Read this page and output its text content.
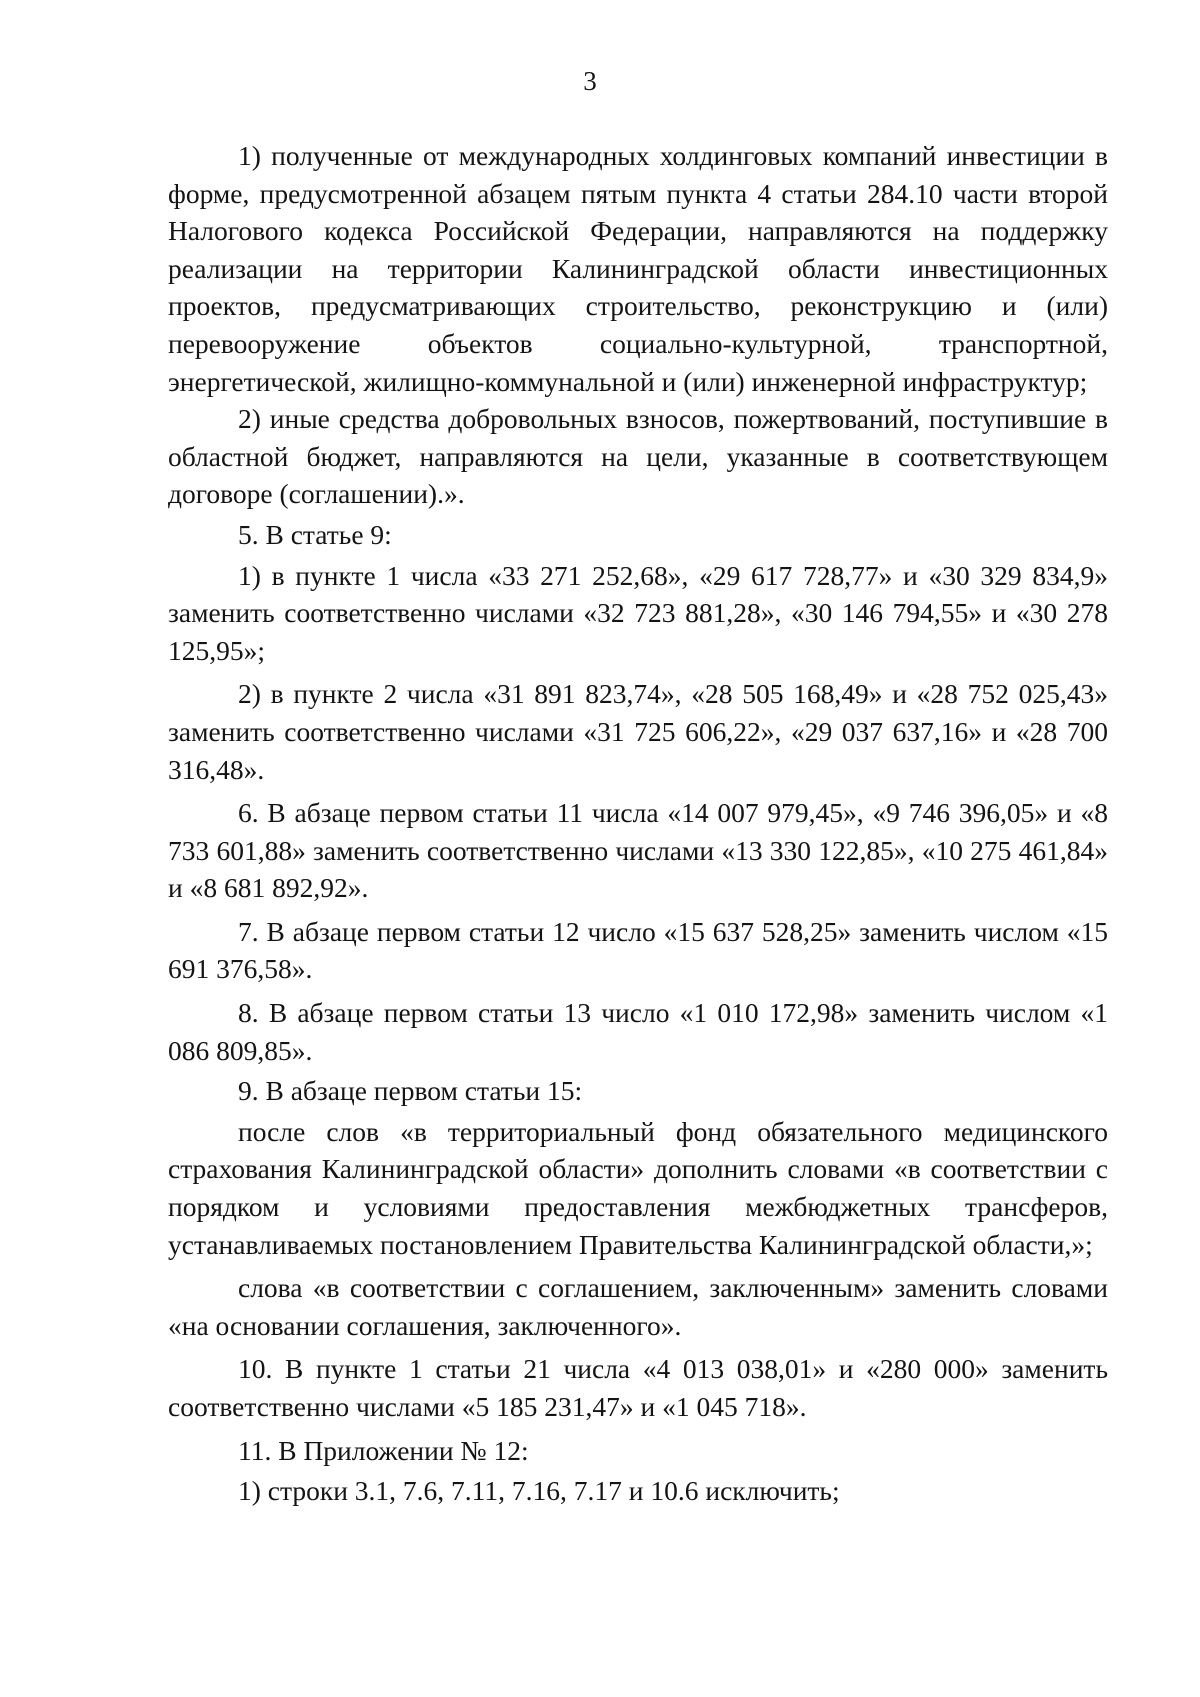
3

1) полученные от международных холдинговых компаний инвестиции в форме, предусмотренной абзацем пятым пункта 4 статьи 284.10 части второй Налогового кодекса Российской Федерации, направляются на поддержку реализации на территории Калининградской области инвестиционных проектов, предусматривающих строительство, реконструкцию и (или) перевооружение объектов социально-культурной, транспортной, энергетической, жилищно-коммунальной и (или) инженерной инфраструктур;

2) иные средства добровольных взносов, пожертвований, поступившие в областной бюджет, направляются на цели, указанные в соответствующем договоре (соглашении).».

5. В статье 9:

1) в пункте 1 числа «33 271 252,68», «29 617 728,77» и «30 329 834,9» заменить соответственно числами «32 723 881,28», «30 146 794,55» и «30 278 125,95»;

2) в пункте 2 числа «31 891 823,74», «28 505 168,49» и «28 752 025,43» заменить соответственно числами «31 725 606,22», «29 037 637,16» и «28 700 316,48».

6. В абзаце первом статьи 11 числа «14 007 979,45», «9 746 396,05» и «8 733 601,88» заменить соответственно числами «13 330 122,85», «10 275 461,84» и «8 681 892,92».

7. В абзаце первом статьи 12 число «15 637 528,25» заменить числом «15 691 376,58».

8. В абзаце первом статьи 13 число «1 010 172,98» заменить числом «1 086 809,85».

9. В абзаце первом статьи 15:

после слов «в территориальный фонд обязательного медицинского страхования Калининградской области» дополнить словами «в соответствии с порядком и условиями предоставления межбюджетных трансферов, устанавливаемых постановлением Правительства Калининградской области,»;

слова «в соответствии с соглашением, заключенным» заменить словами «на основании соглашения, заключенного».

10. В пункте 1 статьи 21 числа «4 013 038,01» и «280 000» заменить соответственно числами «5 185 231,47» и «1 045 718».

11. В Приложении № 12:

1) строки 3.1, 7.6, 7.11, 7.16, 7.17 и 10.6 исключить;
